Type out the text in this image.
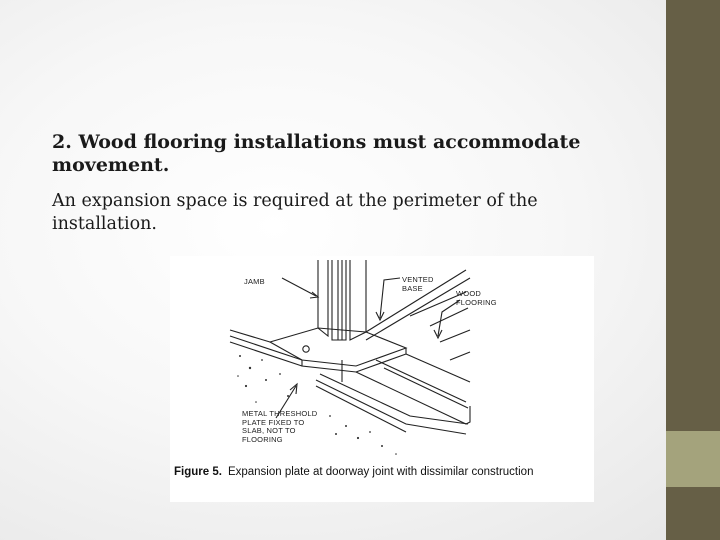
2. Wood flooring installations must accommodate movement.
An expansion space is required at the perimeter of the installation.
JAMB	VENTED BASE
WOOD FLOORING
METAL THRESHOLD PLATE FIXED TO SLAB, NOT TO FLOORING
Figure 5. Expansion plate at doorway joint with dissimilar construction
